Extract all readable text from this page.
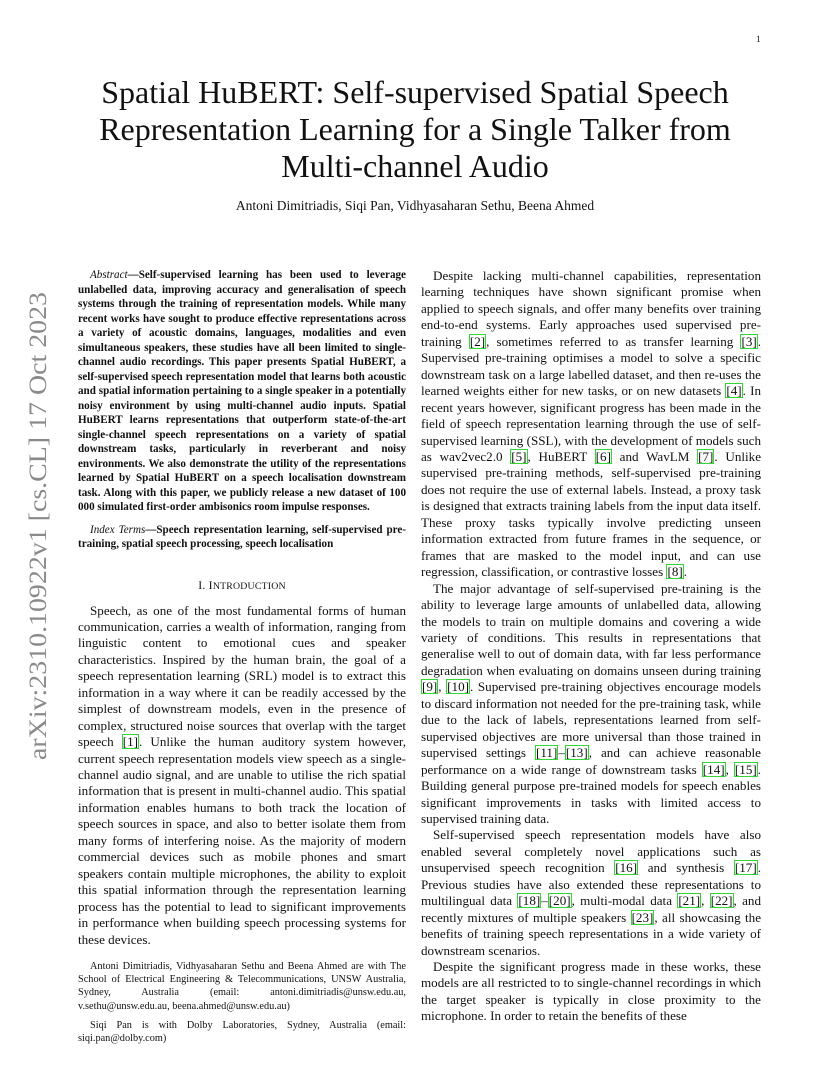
1
arXiv:2310.10922v1 [cs.CL] 17 Oct 2023
Spatial HuBERT: Self-supervised Spatial Speech Representation Learning for a Single Talker from Multi-channel Audio
Antoni Dimitriadis, Siqi Pan, Vidhyasaharan Sethu, Beena Ahmed

Abstract—Self-supervised learning has been used to leverage unlabelled data, improving accuracy and generalisation of speech systems through the training of representation models. While many recent works have sought to produce effective representations across a variety of acoustic domains, languages, modalities and even simultaneous speakers, these studies have all been limited to single-channel audio recordings. This paper presents Spatial HuBERT, a self-supervised speech representation model that learns both acoustic and spatial information pertaining to a single speaker in a potentially noisy environment by using multi-channel audio inputs. Spatial HuBERT learns representations that outperform state-of-the-art single-channel speech representations on a variety of spatial downstream tasks, particularly in reverberant and noisy environments. We also demonstrate the utility of the representations learned by Spatial HuBERT on a speech localisation downstream task. Along with this paper, we publicly release a new dataset of 100 000 simulated first-order ambisonics room impulse responses.

Index Terms—Speech representation learning, self-supervised pre-training, spatial speech processing, speech localisation

I. INTRODUCTION

Speech, as one of the most fundamental forms of human communication, carries a wealth of information, ranging from linguistic content to emotional cues and speaker characteristics. Inspired by the human brain, the goal of a speech representation learning (SRL) model is to extract this information in a way where it can be readily accessed by the simplest of downstream models, even in the presence of complex, structured noise sources that overlap with the target speech [1]. Unlike the human auditory system however, current speech representation models view speech as a single-channel audio signal, and are unable to utilise the rich spatial information that is present in multi-channel audio. This spatial information enables humans to both track the location of speech sources in space, and also to better isolate them from many forms of interfering noise. As the majority of modern commercial devices such as mobile phones and smart speakers contain multiple microphones, the ability to exploit this spatial information through the representation learning process has the potential to lead to significant improvements in performance when building speech processing systems for these devices.

Antoni Dimitriadis, Vidhyasaharan Sethu and Beena Ahmed are with The School of Electrical Engineering & Telecommunications, UNSW Australia, Sydney, Australia (email: antoni.dimitriadis@unsw.edu.au, v.sethu@unsw.edu.au, beena.ahmed@unsw.edu.au)

Siqi Pan is with Dolby Laboratories, Sydney, Australia (email: siqi.pan@dolby.com)

Despite lacking multi-channel capabilities, representation learning techniques have shown significant promise when applied to speech signals, and offer many benefits over training end-to-end systems. Early approaches used supervised pre-training [2], sometimes referred to as transfer learning [3]. Supervised pre-training optimises a model to solve a specific downstream task on a large labelled dataset, and then re-uses the learned weights either for new tasks, or on new datasets [4]. In recent years however, significant progress has been made in the field of speech representation learning through the use of self-supervised learning (SSL), with the development of models such as wav2vec2.0 [5], HuBERT [6] and WavLM [7]. Unlike supervised pre-training methods, self-supervised pre-training does not require the use of external labels. Instead, a proxy task is designed that extracts training labels from the input data itself. These proxy tasks typically involve predicting unseen information extracted from future frames in the sequence, or frames that are masked to the model input, and can use regression, classification, or contrastive losses [8].

The major advantage of self-supervised pre-training is the ability to leverage large amounts of unlabelled data, allowing the models to train on multiple domains and covering a wide variety of conditions. This results in representations that generalise well to out of domain data, with far less performance degradation when evaluating on domains unseen during training [9], [10]. Supervised pre-training objectives encourage models to discard information not needed for the pre-training task, while due to the lack of labels, representations learned from self-supervised objectives are more universal than those trained in supervised settings [11]–[13], and can achieve reasonable performance on a wide range of downstream tasks [14], [15]. Building general purpose pre-trained models for speech enables significant improvements in tasks with limited access to supervised training data.

Self-supervised speech representation models have also enabled several completely novel applications such as unsupervised speech recognition [16] and synthesis [17]. Previous studies have also extended these representations to multilingual data [18]–[20], multi-modal data [21], [22], and recently mixtures of multiple speakers [23], all showcasing the benefits of training speech representations in a wide variety of downstream scenarios.

Despite the significant progress made in these works, these models are all restricted to to single-channel recordings in which the target speaker is typically in close proximity to the microphone. In order to retain the benefits of these
